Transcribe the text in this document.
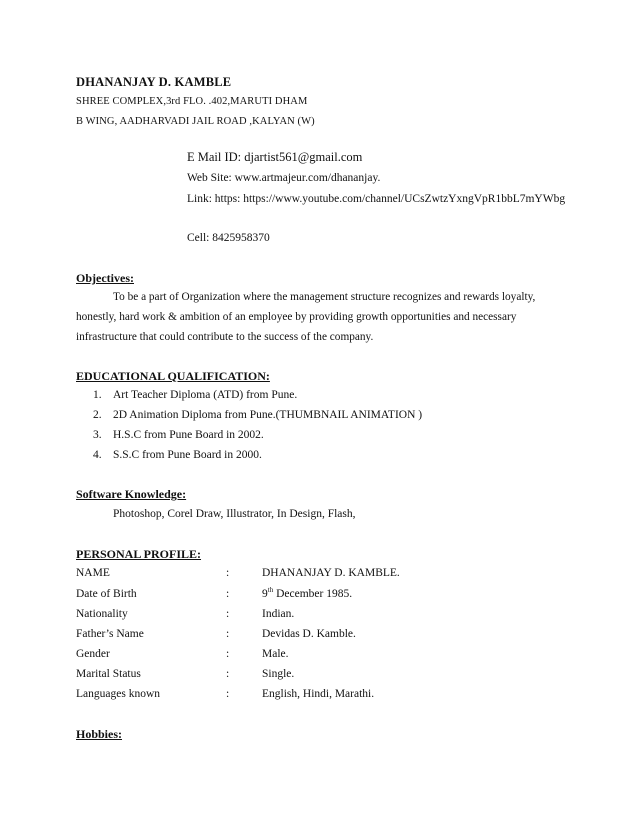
DHANANJAY D. KAMBLE
SHREE COMPLEX,3rd FLO. .402,MARUTI DHAM
B WING, AADHARVADI JAIL ROAD ,KALYAN (W)
E Mail ID: djartist561@gmail.com
Web Site: www.artmajeur.com/dhananjay.
Link: https: https://www.youtube.com/channel/UCsZwtzYxngVpR1bbL7mYWbg
Cell: 8425958370
Objectives:
To be a part of Organization where the management structure recognizes and rewards loyalty,
honestly, hard work & ambition of an employee by providing growth opportunities and necessary
infrastructure that could contribute to the success of the company.
EDUCATIONAL QUALIFICATION:
1. Art Teacher Diploma (ATD) from Pune.
2. 2D Animation Diploma from Pune.(THUMBNAIL ANIMATION )
3. H.S.C from Pune Board in 2002.
4. S.S.C from Pune Board in 2000.
Software Knowledge:
Photoshop, Corel Draw, Illustrator, In Design, Flash,
PERSONAL PROFILE:
NAME	:	DHANANJAY D. KAMBLE.
Date of Birth	:	9th December 1985.
Nationality	:	Indian.
Father’s Name	:	Devidas D. Kamble.
Gender	:	Male.
Marital Status	:	Single.
Languages known	:	English, Hindi, Marathi.
Hobbies:
